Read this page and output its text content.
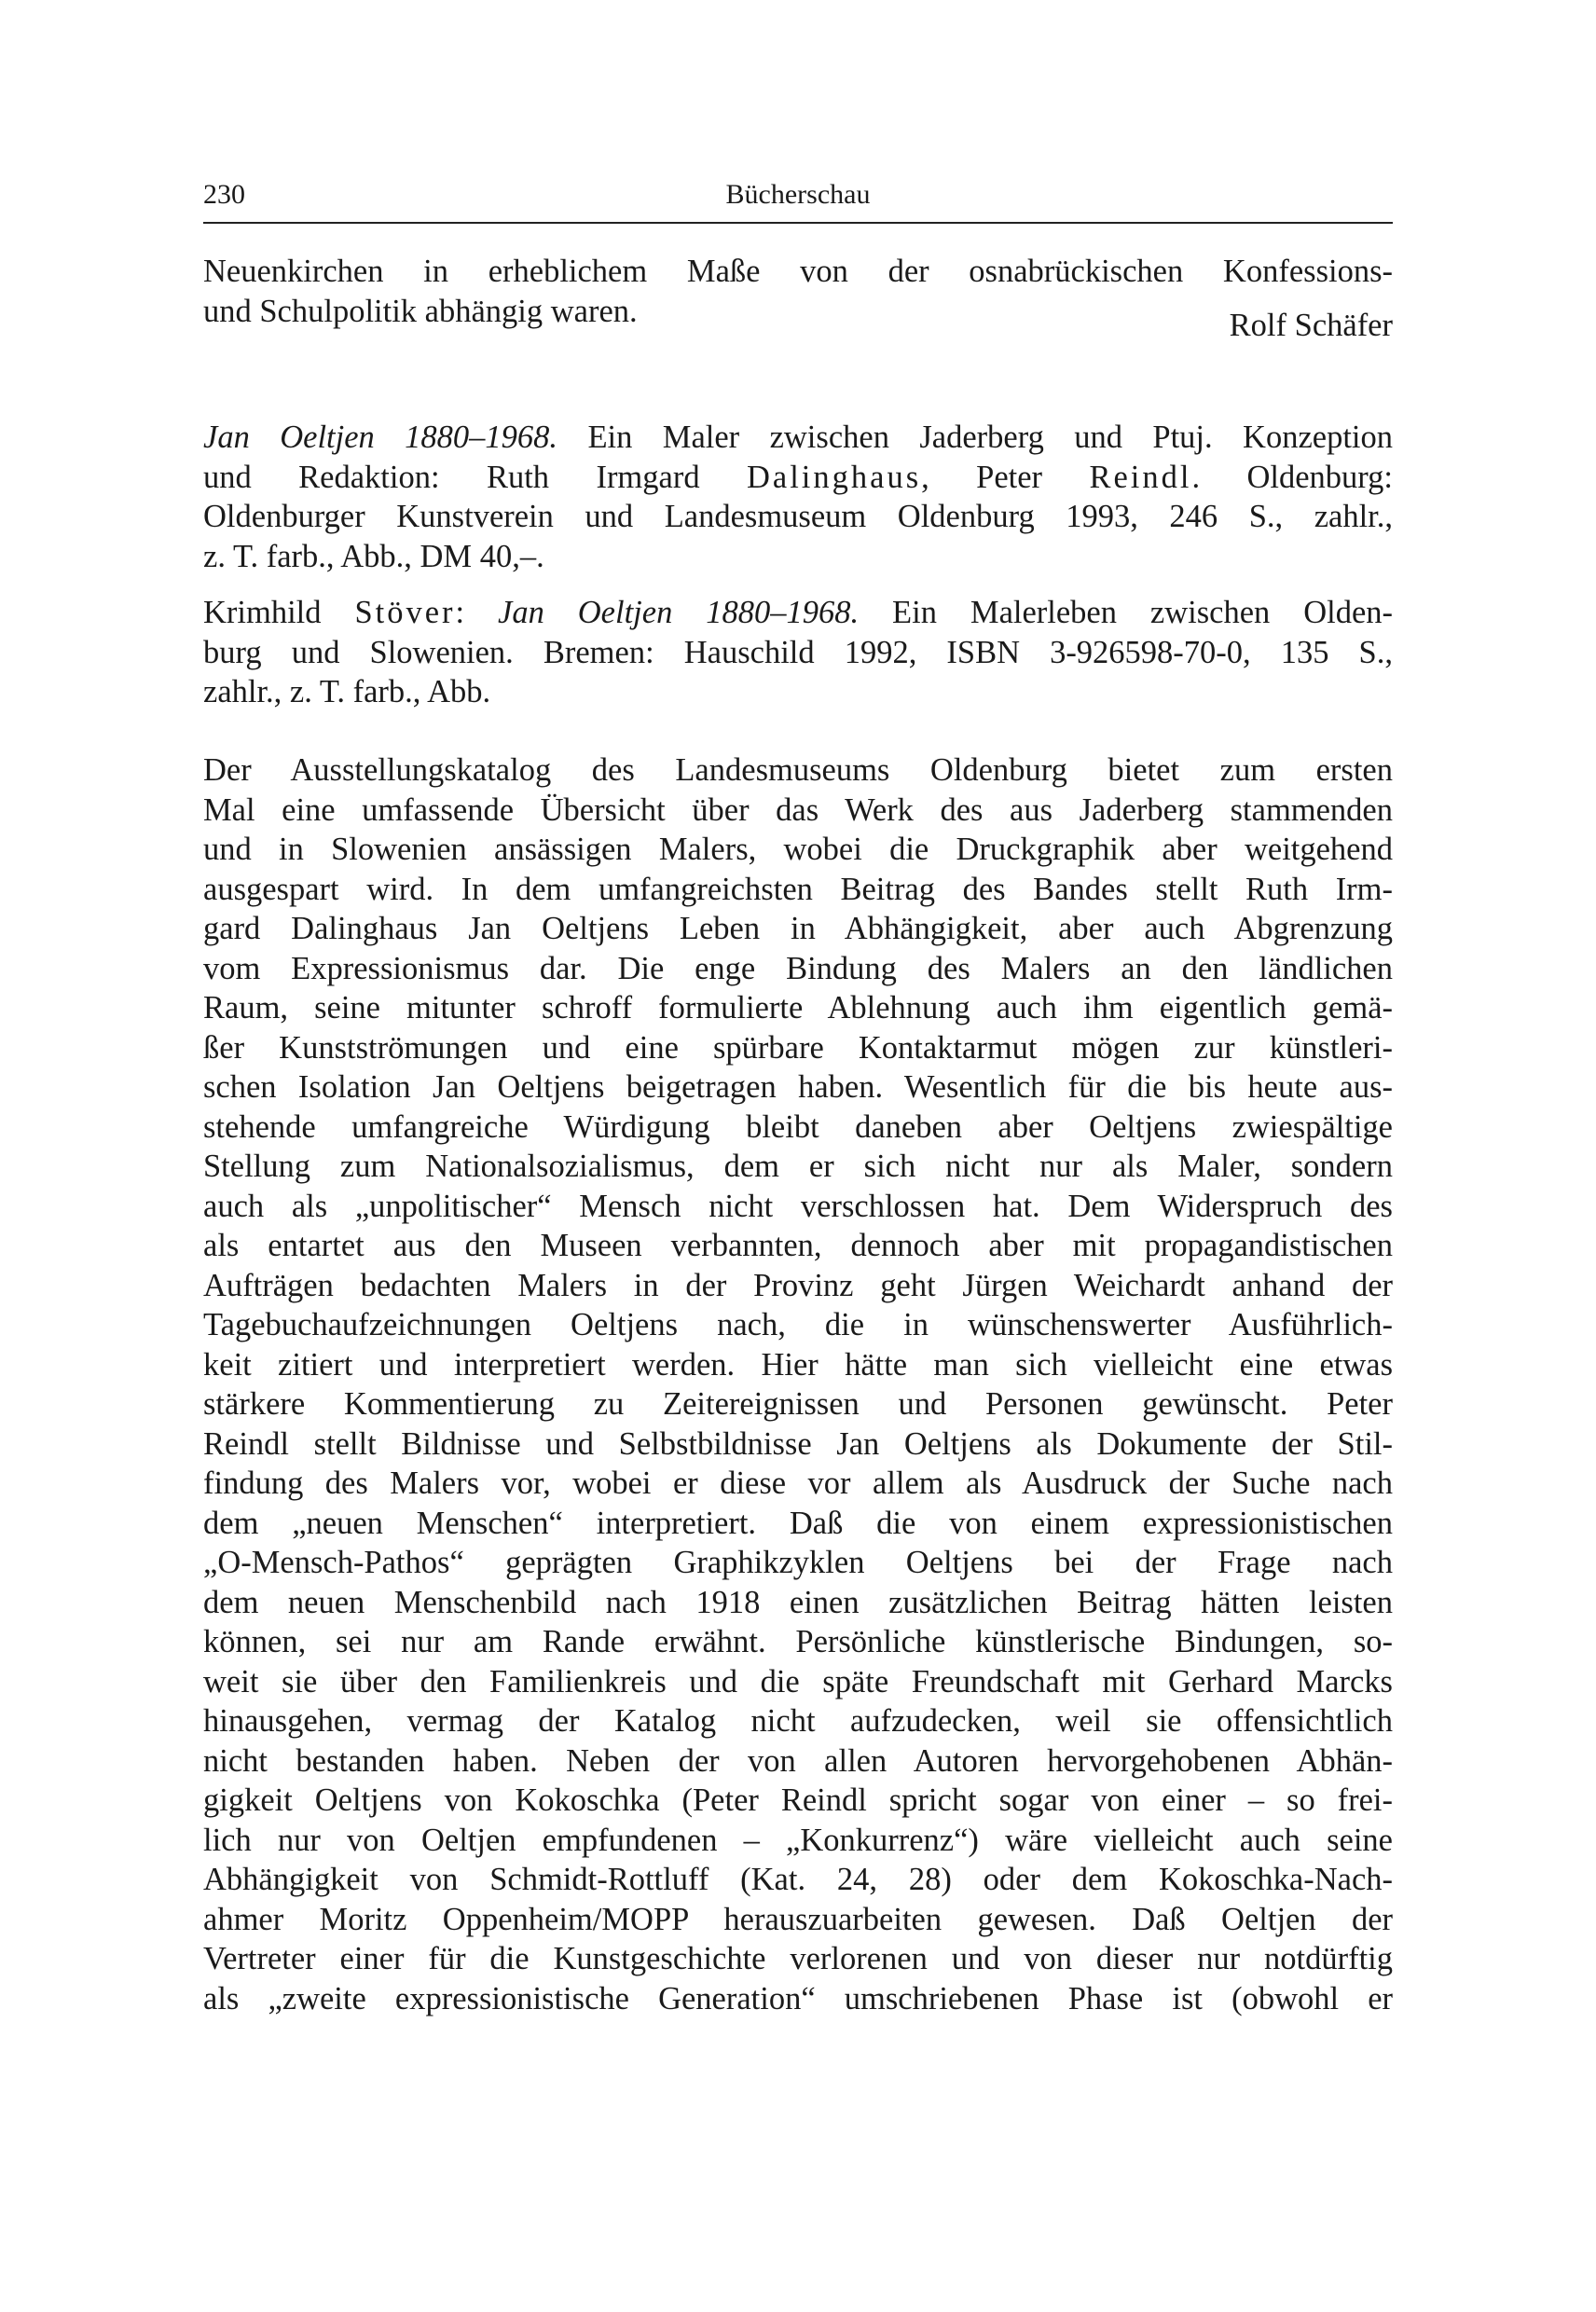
230	Bücherschau
Neuenkirchen in erheblichem Maße von der osnabrückischen Konfessions-
und Schulpolitik abhängig waren.	Rolf Schäfer
Jan Oeltjen 1880–1968. Ein Maler zwischen Jaderberg und Ptuj. Konzeption
und Redaktion: Ruth Irmgard Dalinghaus, Peter Reindl. Oldenburg:
Oldenburger Kunstverein und Landesmuseum Oldenburg 1993, 246 S., zahlr.,
z. T. farb., Abb., DM 40,–.
Krimhild Stöver: Jan Oeltjen 1880–1968. Ein Malerleben zwischen Olden-
burg und Slowenien. Bremen: Hauschild 1992, ISBN 3-926598-70-0, 135 S.,
zahlr., z. T. farb., Abb.
Der Ausstellungskatalog des Landesmuseums Oldenburg bietet zum ersten
Mal eine umfassende Übersicht über das Werk des aus Jaderberg stammenden
und in Slowenien ansässigen Malers, wobei die Druckgraphik aber weitgehend
ausgespart wird. In dem umfangreichsten Beitrag des Bandes stellt Ruth Irm-
gard Dalinghaus Jan Oeltjens Leben in Abhängigkeit, aber auch Abgrenzung
vom Expressionismus dar. Die enge Bindung des Malers an den ländlichen
Raum, seine mitunter schroff formulierte Ablehnung auch ihm eigentlich gemä-
ßer Kunstströmungen und eine spürbare Kontaktarmut mögen zur künstleri-
schen Isolation Jan Oeltjens beigetragen haben. Wesentlich für die bis heute aus-
stehende umfangreiche Würdigung bleibt daneben aber Oeltjens zwiespältige
Stellung zum Nationalsozialismus, dem er sich nicht nur als Maler, sondern
auch als „unpolitischer“ Mensch nicht verschlossen hat. Dem Widerspruch des
als entartet aus den Museen verbannten, dennoch aber mit propagandistischen
Aufträgen bedachten Malers in der Provinz geht Jürgen Weichardt anhand der
Tagebuchaufzeichnungen Oeltjens nach, die in wünschenswerter Ausführlich-
keit zitiert und interpretiert werden. Hier hätte man sich vielleicht eine etwas
stärkere Kommentierung zu Zeitereignissen und Personen gewünscht. Peter
Reindl stellt Bildnisse und Selbstbildnisse Jan Oeltjens als Dokumente der Stil-
findung des Malers vor, wobei er diese vor allem als Ausdruck der Suche nach
dem „neuen Menschen“ interpretiert. Daß die von einem expressionistischen
„O-Mensch-Pathos“ geprägten Graphikzyklen Oeltjens bei der Frage nach
dem neuen Menschenbild nach 1918 einen zusätzlichen Beitrag hätten leisten
können, sei nur am Rande erwähnt. Persönliche künstlerische Bindungen, so-
weit sie über den Familienkreis und die späte Freundschaft mit Gerhard Marcks
hinausgehen, vermag der Katalog nicht aufzudecken, weil sie offensichtlich
nicht bestanden haben. Neben der von allen Autoren hervorgehobenen Abhän-
gigkeit Oeltjens von Kokoschka (Peter Reindl spricht sogar von einer – so frei-
lich nur von Oeltjen empfundenen – „Konkurrenz“) wäre vielleicht auch seine
Abhängigkeit von Schmidt-Rottluff (Kat. 24, 28) oder dem Kokoschka-Nach-
ahmer Moritz Oppenheim/MOPP herauszuarbeiten gewesen. Daß Oeltjen der
Vertreter einer für die Kunstgeschichte verlorenen und von dieser nur notdürftig
als „zweite expressionistische Generation“ umschriebenen Phase ist (obwohl er
